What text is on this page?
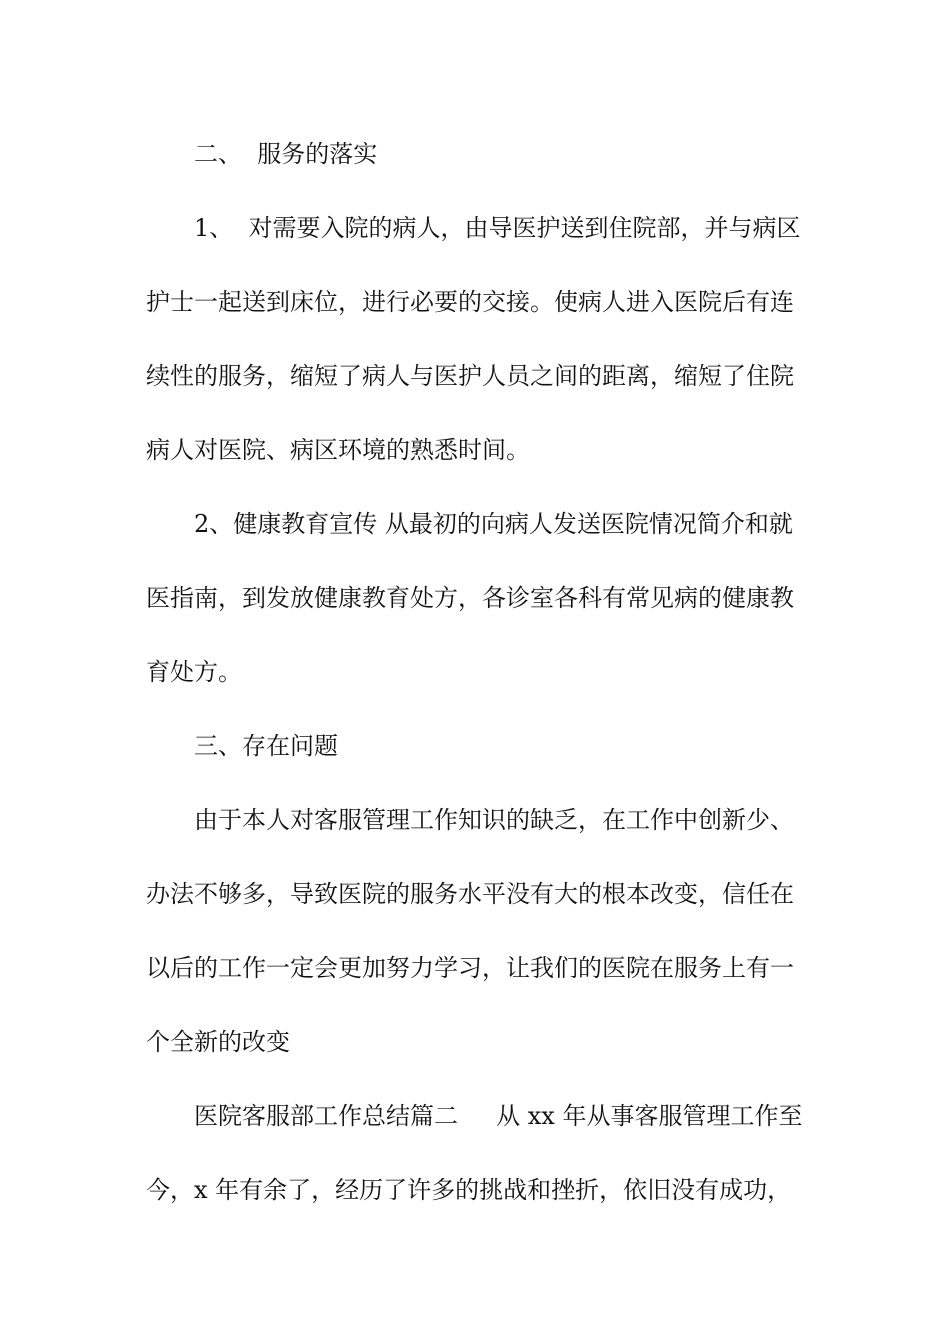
二、  服务的落实
1、  对需要入院的病人，由导医护送到住院部，并与病区
护士一起送到床位，进行必要的交接。使病人进入医院后有连
续性的服务，缩短了病人与医护人员之间的距离，缩短了住院
病人对医院、病区环境的熟悉时间。
2、健康教育宣传 从最初的向病人发送医院情况简介和就
医指南，到发放健康教育处方，各诊室各科有常见病的健康教
育处方。
三、存在问题
由于本人对客服管理工作知识的缺乏，在工作中创新少、
办法不够多，导致医院的服务水平没有大的根本改变，信任在
以后的工作一定会更加努力学习，让我们的医院在服务上有一
个全新的改变
医院客服部工作总结篇二     从 xx 年从事客服管理工作至
今，x 年有余了，经历了许多的挑战和挫折，依旧没有成功，
